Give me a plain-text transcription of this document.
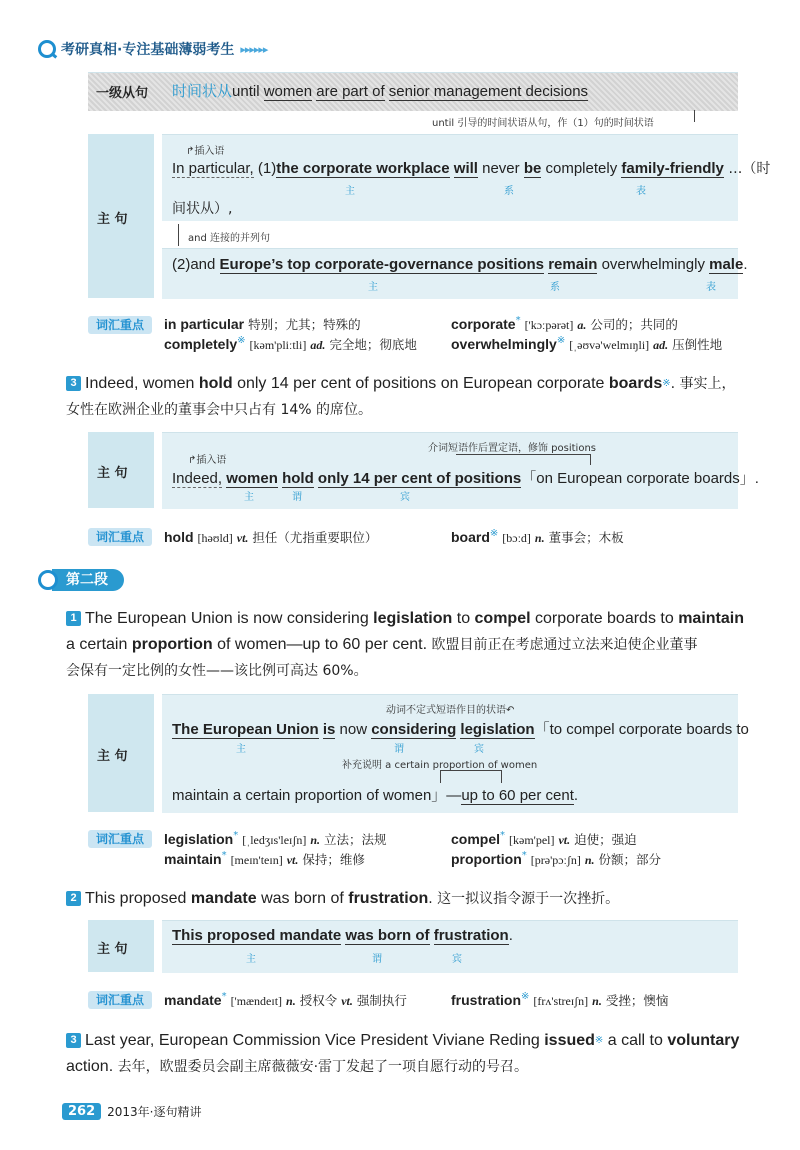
考研真相·专注基础薄弱考生 ▸▸▸▸▸▸
一级从句 时间状从until women are part of senior management decisions
until 引导的时间状语从句，作（1）句的时间状语
主 句
↱插入语
In particular, (1)the corporate workplace will never be completely family-friendly …（时
主	系	表
间状从）,
and 连接的并列句
(2)and Europe’s top corporate-governance positions remain overwhelmingly male.
主	系	表
词汇重点	in particular 特别；尤其；特殊的	corporate* ['kɔːpərət] a. 公司的；共同的
completely※ [kəm'pliːtli] ad. 完全地；彻底地 overwhelmingly※ [ˌəʊvə'welmɪŋli] ad. 压倒性地
3 Indeed, women hold only 14 per cent of positions on European corporate boards※. 事实上，
女性在欧洲企业的董事会中只占有 14% 的席位。
主 句
介词短语作后置定语，修饰 positions
↱插入语
Indeed, women hold only 14 per cent of positions「on European corporate boards」.
主	谓	宾
词汇重点	hold [həʊld] vt. 担任（尤指重要职位）	board※ [bɔːd] n. 董事会；木板
第二段
1 The European Union is now considering legislation to compel corporate boards to maintain
a certain proportion of women—up to 60 per cent. 欧盟目前正在考虑通过立法来迫使企业董事
会保有一定比例的女性——该比例可高达 60%。
主 句
动词不定式短语作目的状语↶
The European Union is now considering legislation「to compel corporate boards to
主	谓	宾
补充说明 a certain proportion of women
maintain a certain proportion of women」—up to 60 per cent.
词汇重点	legislation* [ˌledʒɪs'leɪʃn] n. 立法；法规	compel* [kəm'pel] vt. 迫使；强迫
maintain* [meɪn'teɪn] vt. 保持；维修	proportion* [prə'pɔːʃn] n. 份额；部分
2 This proposed mandate was born of frustration. 这一拟议指令源于一次挫折。
主 句
This proposed mandate was born of frustration.
主	谓	宾
词汇重点	mandate* ['mændeɪt] n. 授权令 vt. 强制执行	frustration※ [frʌ'streɪʃn] n. 受挫；懊恼
3 Last year, European Commission Vice President Viviane Reding issued※ a call to voluntary
action. 去年，欧盟委员会副主席薇薇安·雷丁发起了一项自愿行动的号召。
262	2013年·逐句精讲
